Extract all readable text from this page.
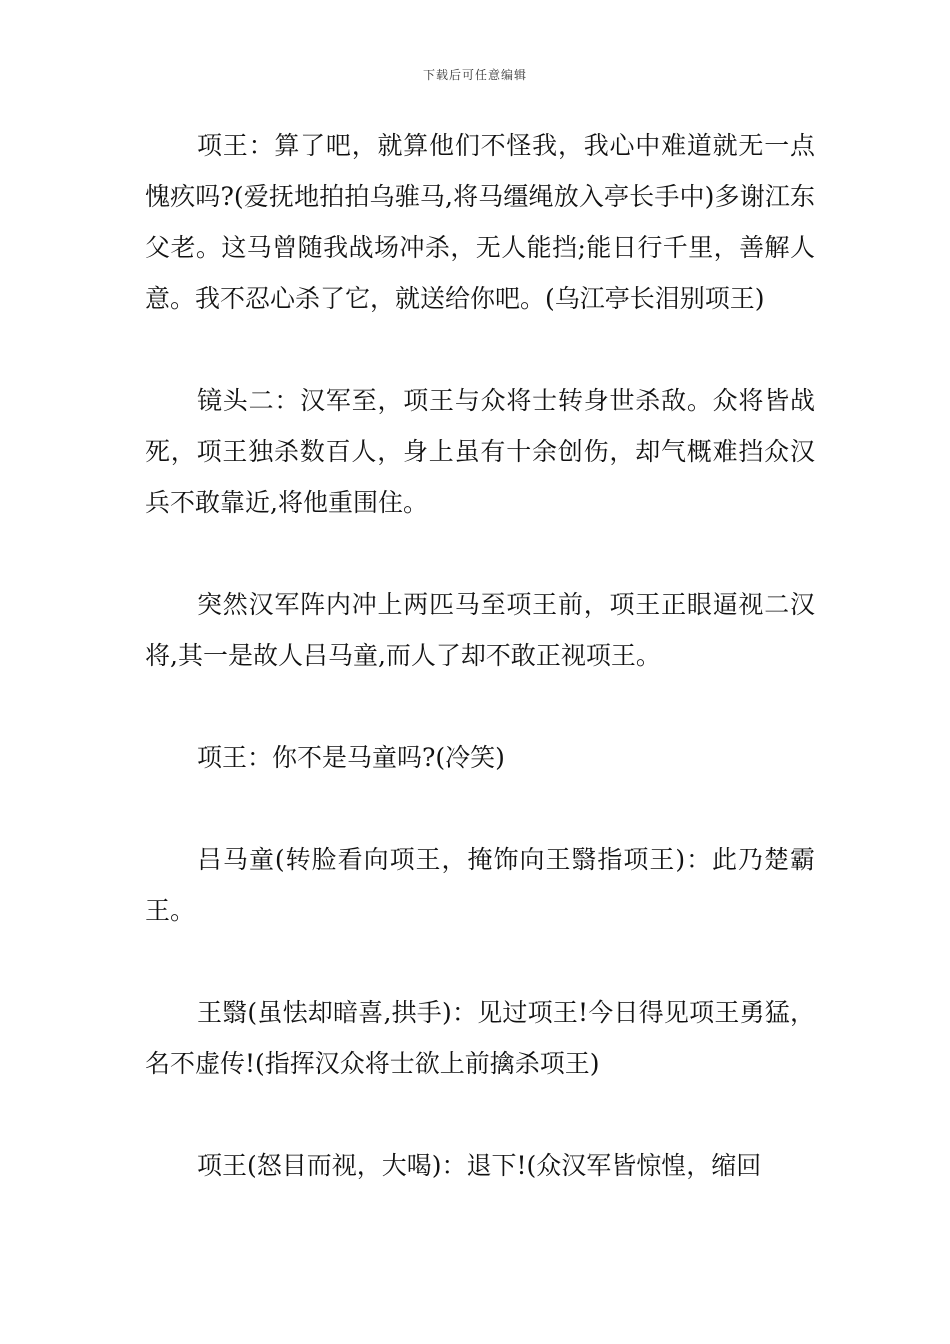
下载后可任意编辑

项王：算了吧，就算他们不怪我，我心中难道就无一点愧疚吗?(爱抚地拍拍乌骓马,将马缰绳放入亭长手中)多谢江东父老。这马曾随我战场冲杀，无人能挡;能日行千里，善解人意。我不忍心杀了它，就送给你吧。(乌江亭长泪别项王)

镜头二：汉军至，项王与众将士转身世杀敌。众将皆战死，项王独杀数百人，身上虽有十余创伤，却气概难挡众汉兵不敢靠近,将他重围住。

突然汉军阵内冲上两匹马至项王前，项王正眼逼视二汉将,其一是故人吕马童,而人了却不敢正视项王。

项王：你不是马童吗?(冷笑)

吕马童(转脸看向项王，掩饰向王翳指项王)：此乃楚霸王。

王翳(虽怯却暗喜,拱手)：见过项王!今日得见项王勇猛，名不虚传!(指挥汉众将士欲上前擒杀项王)

项王(怒目而视，大喝)：退下!(众汉军皆惊惶，缩回
